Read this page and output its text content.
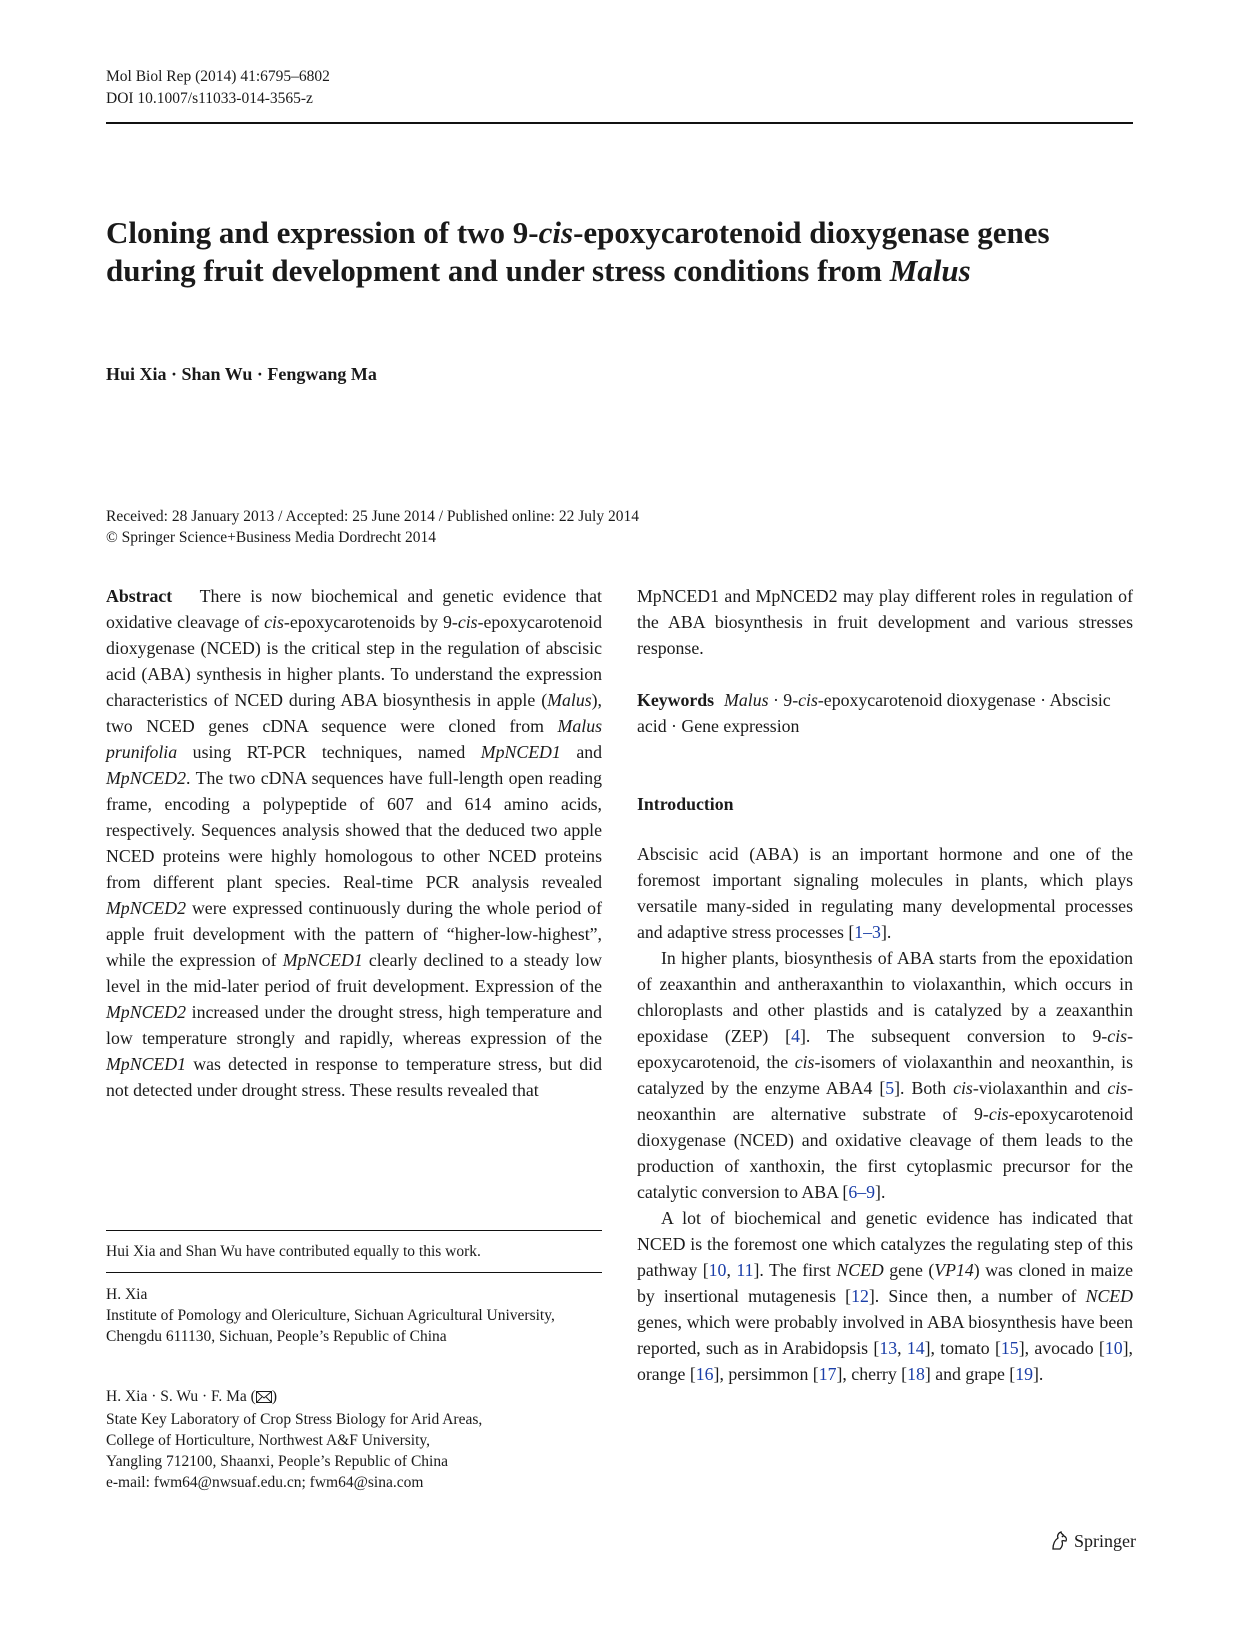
Mol Biol Rep (2014) 41:6795–6802
DOI 10.1007/s11033-014-3565-z
Cloning and expression of two 9-cis-epoxycarotenoid dioxygenase genes during fruit development and under stress conditions from Malus
Hui Xia · Shan Wu · Fengwang Ma
Received: 28 January 2013 / Accepted: 25 June 2014 / Published online: 22 July 2014
© Springer Science+Business Media Dordrecht 2014

Abstract There is now biochemical and genetic evidence that oxidative cleavage of cis-epoxycarotenoids by 9-cis-epoxycarotenoid dioxygenase (NCED) is the critical step in the regulation of abscisic acid (ABA) synthesis in higher plants. To understand the expression characteristics of NCED during ABA biosynthesis in apple (Malus), two NCED genes cDNA sequence were cloned from Malus prunifolia using RT-PCR techniques, named MpNCED1 and MpNCED2. The two cDNA sequences have full-length open reading frame, encoding a polypeptide of 607 and 614 amino acids, respectively. Sequences analysis showed that the deduced two apple NCED proteins were highly homologous to other NCED proteins from different plant species. Real-time PCR analysis revealed MpNCED2 were expressed continuously during the whole period of apple fruit development with the pattern of “higher-low-highest”, while the expression of MpNCED1 clearly declined to a steady low level in the mid-later period of fruit development. Expression of the MpNCED2 increased under the drought stress, high temperature and low temperature strongly and rapidly, whereas expression of the MpNCED1 was detected in response to temperature stress, but did not detected under drought stress. These results revealed that

MpNCED1 and MpNCED2 may play different roles in regulation of the ABA biosynthesis in fruit development and various stresses response.

Keywords Malus · 9-cis-epoxycarotenoid dioxygenase · Abscisic acid · Gene expression

Introduction

Abscisic acid (ABA) is an important hormone and one of the foremost important signaling molecules in plants, which plays versatile many-sided in regulating many developmental processes and adaptive stress processes [1–3].

In higher plants, biosynthesis of ABA starts from the epoxidation of zeaxanthin and antheraxanthin to violaxanthin, which occurs in chloroplasts and other plastids and is catalyzed by a zeaxanthin epoxidase (ZEP) [4]. The subsequent conversion to 9-cis-epoxycarotenoid, the cis-isomers of violaxanthin and neoxanthin, is catalyzed by the enzyme ABA4 [5]. Both cis-violaxanthin and cis-neoxanthin are alternative substrate of 9-cis-epoxycarotenoid dioxygenase (NCED) and oxidative cleavage of them leads to the production of xanthoxin, the first cytoplasmic precursor for the catalytic conversion to ABA [6–9].

A lot of biochemical and genetic evidence has indicated that NCED is the foremost one which catalyzes the regulating step of this pathway [10, 11]. The first NCED gene (VP14) was cloned in maize by insertional mutagenesis [12]. Since then, a number of NCED genes, which were probably involved in ABA biosynthesis have been reported, such as in Arabidopsis [13, 14], tomato [15], avocado [10], orange [16], persimmon [17], cherry [18] and grape [19].

Hui Xia and Shan Wu have contributed equally to this work.
H. Xia
Institute of Pomology and Olericulture, Sichuan Agricultural University, Chengdu 611130, Sichuan, People’s Republic of China
H. Xia · S. Wu · F. Ma ( )
State Key Laboratory of Crop Stress Biology for Arid Areas,
College of Horticulture, Northwest A&F University,
Yangling 712100, Shaanxi, People’s Republic of China
e-mail: fwm64@nwsuaf.edu.cn; fwm64@sina.com
Springer
